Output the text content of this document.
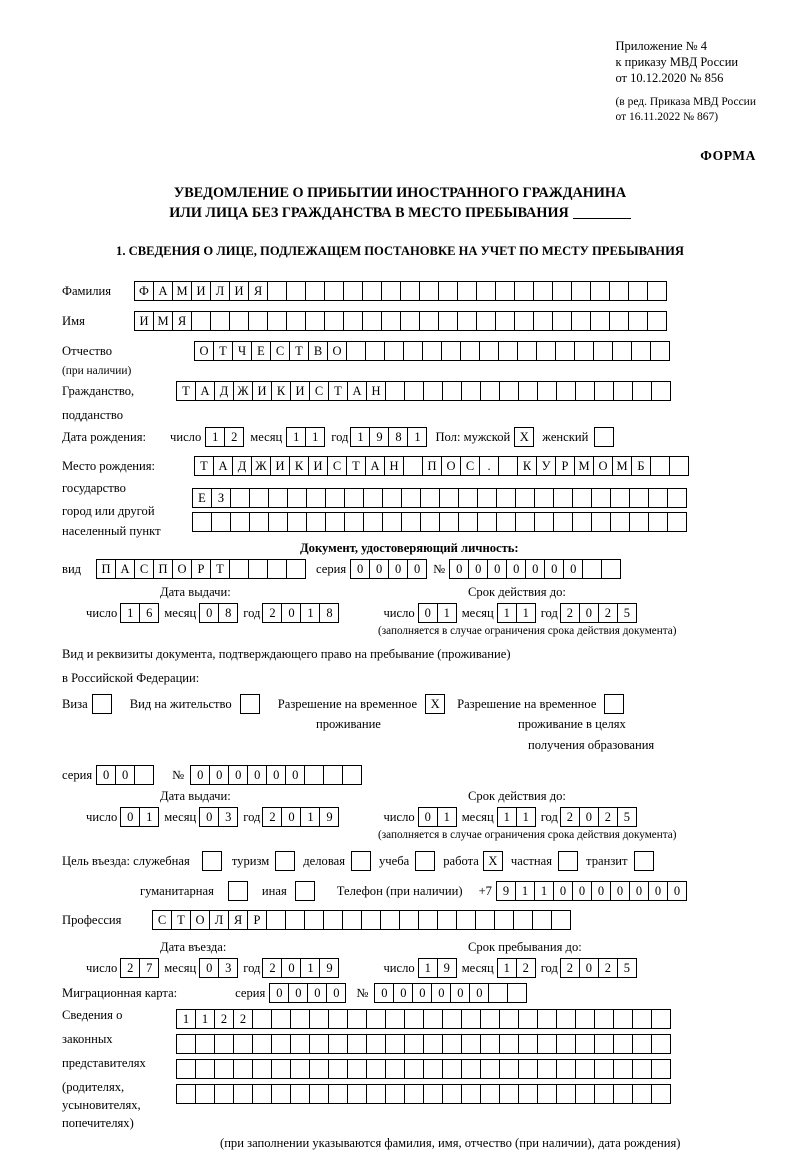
Приложение № 4
к приказу МВД России
от 10.12.2020 № 856
(в ред. Приказа МВД России
от 16.11.2022 № 867)
ФОРМА
УВЕДОМЛЕНИЕ О ПРИБЫТИИ ИНОСТРАННОГО ГРАЖДАНИНА
ИЛИ ЛИЦА БЕЗ ГРАЖДАНСТВА В МЕСТО ПРЕБЫВАНИЯ
1. СВЕДЕНИЯ О ЛИЦЕ, ПОДЛЕЖАЩЕМ ПОСТАНОВКЕ НА УЧЕТ ПО МЕСТУ ПРЕБЫВАНИЯ
Фамилия	Ф А М И Л И Я
Имя	И М Я
Отчество	О Т Ч Е С Т В О
(при наличии)
Гражданство,	Т А Д Ж И К И С Т А Н
подданство
Дата рождения: число 1	2	месяц 1	1	год 1	9	8	1	Пол: мужской X	женский
Место рождения:	Т А Д Ж И К И С Т А Н	П О С	.	К У Р М О М Б
государство
Е З
город или другой
населенный пункт
Документ, удостоверяющий личность:
вид	П А С П О Р Т	серия 0	0	0	0	№ 0	0	0	0	0	0	0
Дата выдачи:	Срок действия до:
число 1	6 месяц 0	8 год 2	0	1	8	число 0	1 месяц 1	1 год 2	0	2	5
(заполняется в случае ограничения срока действия документа)
Вид и реквизиты документа, подтверждающего право на пребывание (проживание)
в Российской Федерации:
Виза	Вид на жительство	Разрешение на временное	X	Разрешение на временное
проживание	проживание в целях
получения образования
серия 0	0	№	0	0	0	0	0	0
Дата выдачи:	Срок действия до:
число 0	1 месяц 0	3 год 2	0	1	9	число 0	1 месяц 1	1 год 2	0	2	5
(заполняется в случае ограничения срока действия документа)
Цель въезда: служебная	туризм	деловая	учеба	работа X	частная	транзит
гуманитарная	иная	Телефон (при наличии) +7 9	1	1	0	0	0	0	0	0	0
Профессия	С Т О Л Я Р
Дата въезда:	Срок пребывания до:
число 2	7 месяц 0	3 год 2	0	1	9	число 1	9 месяц 1	2 год 2	0	2	5
Миграционная карта:	серия 0	0	0	0	№	0	0	0	0	0	0
Сведения о
законных
представителях
(родителях,
усыновителях,
попечителях)
1	1	2	2
(при заполнении указываются фамилия, имя, отчество (при наличии), дата рождения)
